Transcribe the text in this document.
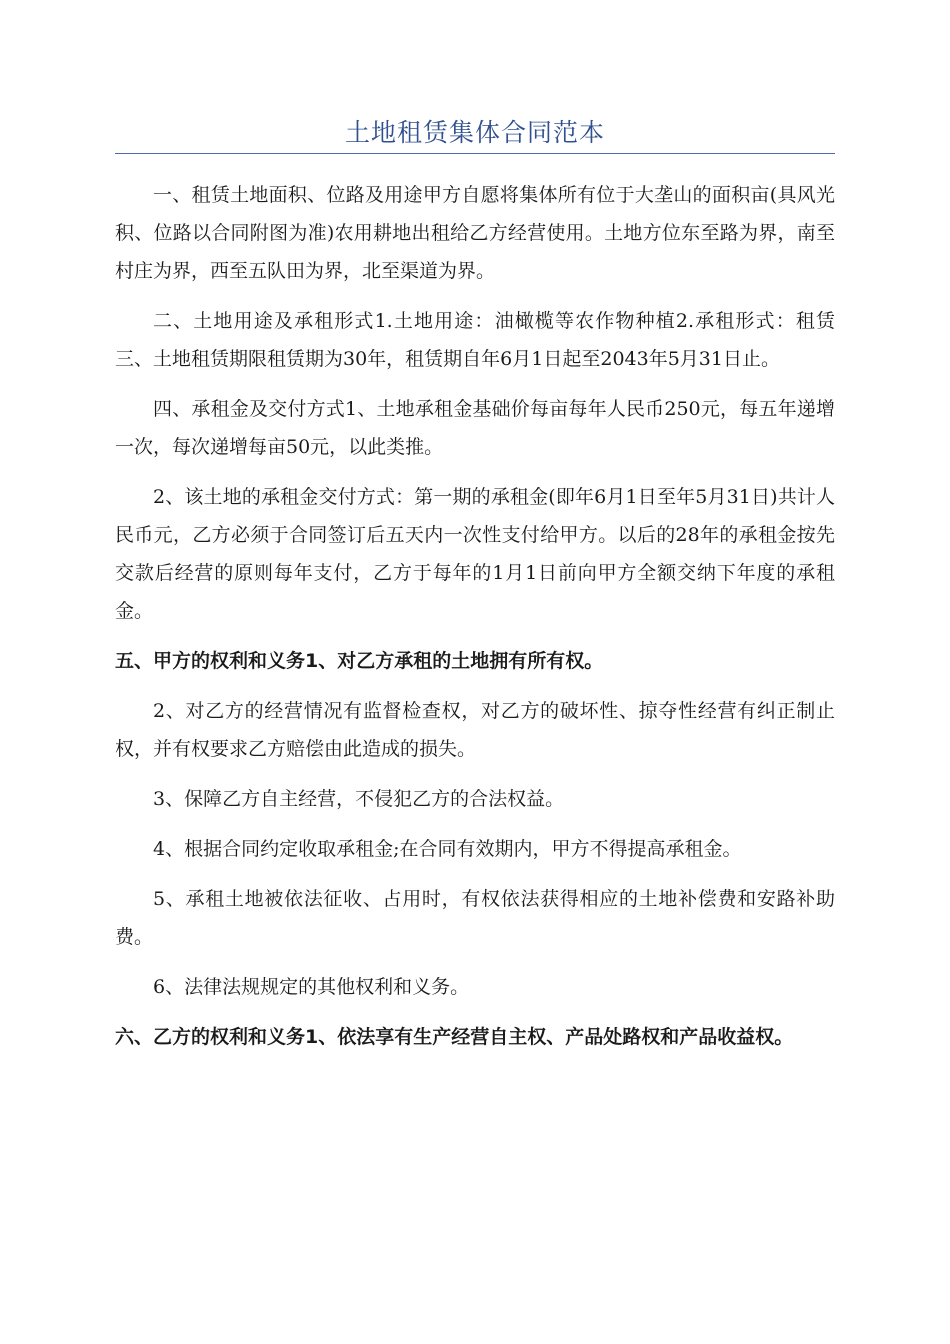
土地租赁集体合同范本

一、租赁土地面积、位路及用途甲方自愿将集体所有位于大垄山的面积亩(具风光积、位路以合同附图为准)农用耕地出租给乙方经营使用。土地方位东至路为界，南至村庄为界，西至五队田为界，北至渠道为界。

二、土地用途及承租形式1.土地用途：油橄榄等农作物种植2.承租形式：租赁三、土地租赁期限租赁期为30年，租赁期自年6月1日起至2043年5月31日止。

四、承租金及交付方式1、土地承租金基础价每亩每年人民币250元，每五年递增一次，每次递增每亩50元，以此类推。

2、该土地的承租金交付方式：第一期的承租金(即年6月1日至年5月31日)共计人民币元，乙方必须于合同签订后五天内一次性支付给甲方。以后的28年的承租金按先交款后经营的原则每年支付，乙方于每年的1月1日前向甲方全额交纳下年度的承租金。

五、甲方的权利和义务1、对乙方承租的土地拥有所有权。

2、对乙方的经营情况有监督检查权，对乙方的破坏性、掠夺性经营有纠正制止权，并有权要求乙方赔偿由此造成的损失。

3、保障乙方自主经营，不侵犯乙方的合法权益。

4、根据合同约定收取承租金;在合同有效期内，甲方不得提高承租金。

5、承租土地被依法征收、占用时，有权依法获得相应的土地补偿费和安路补助费。

6、法律法规规定的其他权利和义务。

六、乙方的权利和义务1、依法享有生产经营自主权、产品处路权和产品收益权。
